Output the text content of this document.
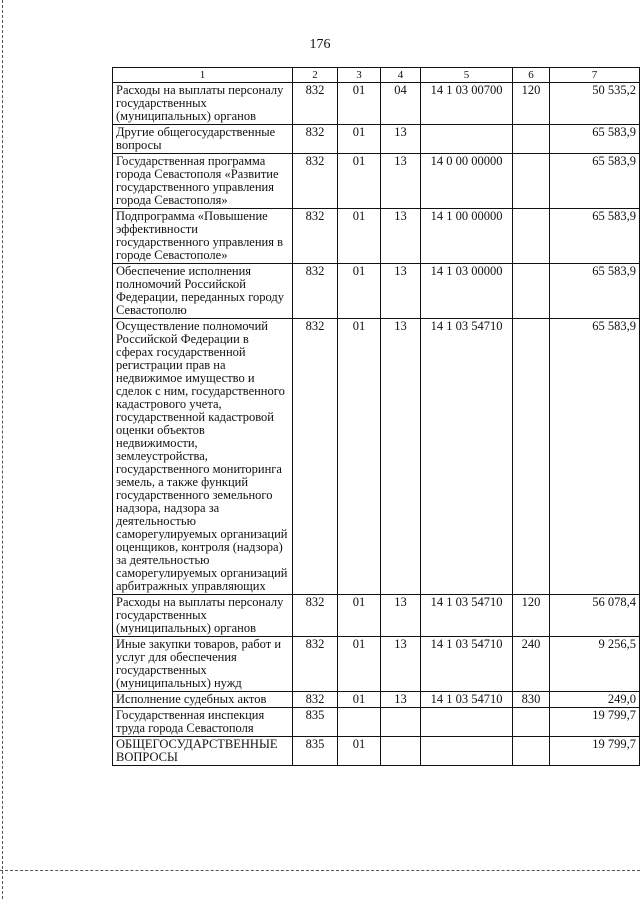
176
1	2	3	4	5	6	7
Расходы на выплаты персоналу государственных (муниципальных) органов	832	01	04	14 1 03 00700	120	50 535,2
Другие общегосударственные вопросы	832	01	13			65 583,9
Государственная программа города Севастополя «Развитие государственного управления города Севастополя»	832	01	13	14 0 00 00000		65 583,9
Подпрограмма «Повышение эффективности государственного управления в городе Севастополе»	832	01	13	14 1 00 00000		65 583,9
Обеспечение исполнения полномочий Российской Федерации, переданных городу Севастополю	832	01	13	14 1 03 00000		65 583,9
Осуществление полномочий Российской Федерации в сферах государственной регистрации прав на недвижимое имущество и сделок с ним, государственного кадастрового учета, государственной кадастровой оценки объектов недвижимости, землеустройства, государственного мониторинга земель, а также функций государственного земельного надзора, надзора за деятельностью саморегулируемых организаций оценщиков, контроля (надзора) за деятельностью саморегулируемых организаций арбитражных управляющих	832	01	13	14 1 03 54710		65 583,9
Расходы на выплаты персоналу государственных (муниципальных) органов	832	01	13	14 1 03 54710	120	56 078,4
Иные закупки товаров, работ и услуг для обеспечения государственных (муниципальных) нужд	832	01	13	14 1 03 54710	240	9 256,5
Исполнение судебных актов	832	01	13	14 1 03 54710	830	249,0
Государственная инспекция труда города Севастополя	835					19 799,7
ОБЩЕГОСУДАРСТВЕННЫЕ ВОПРОСЫ	835	01				19 799,7
